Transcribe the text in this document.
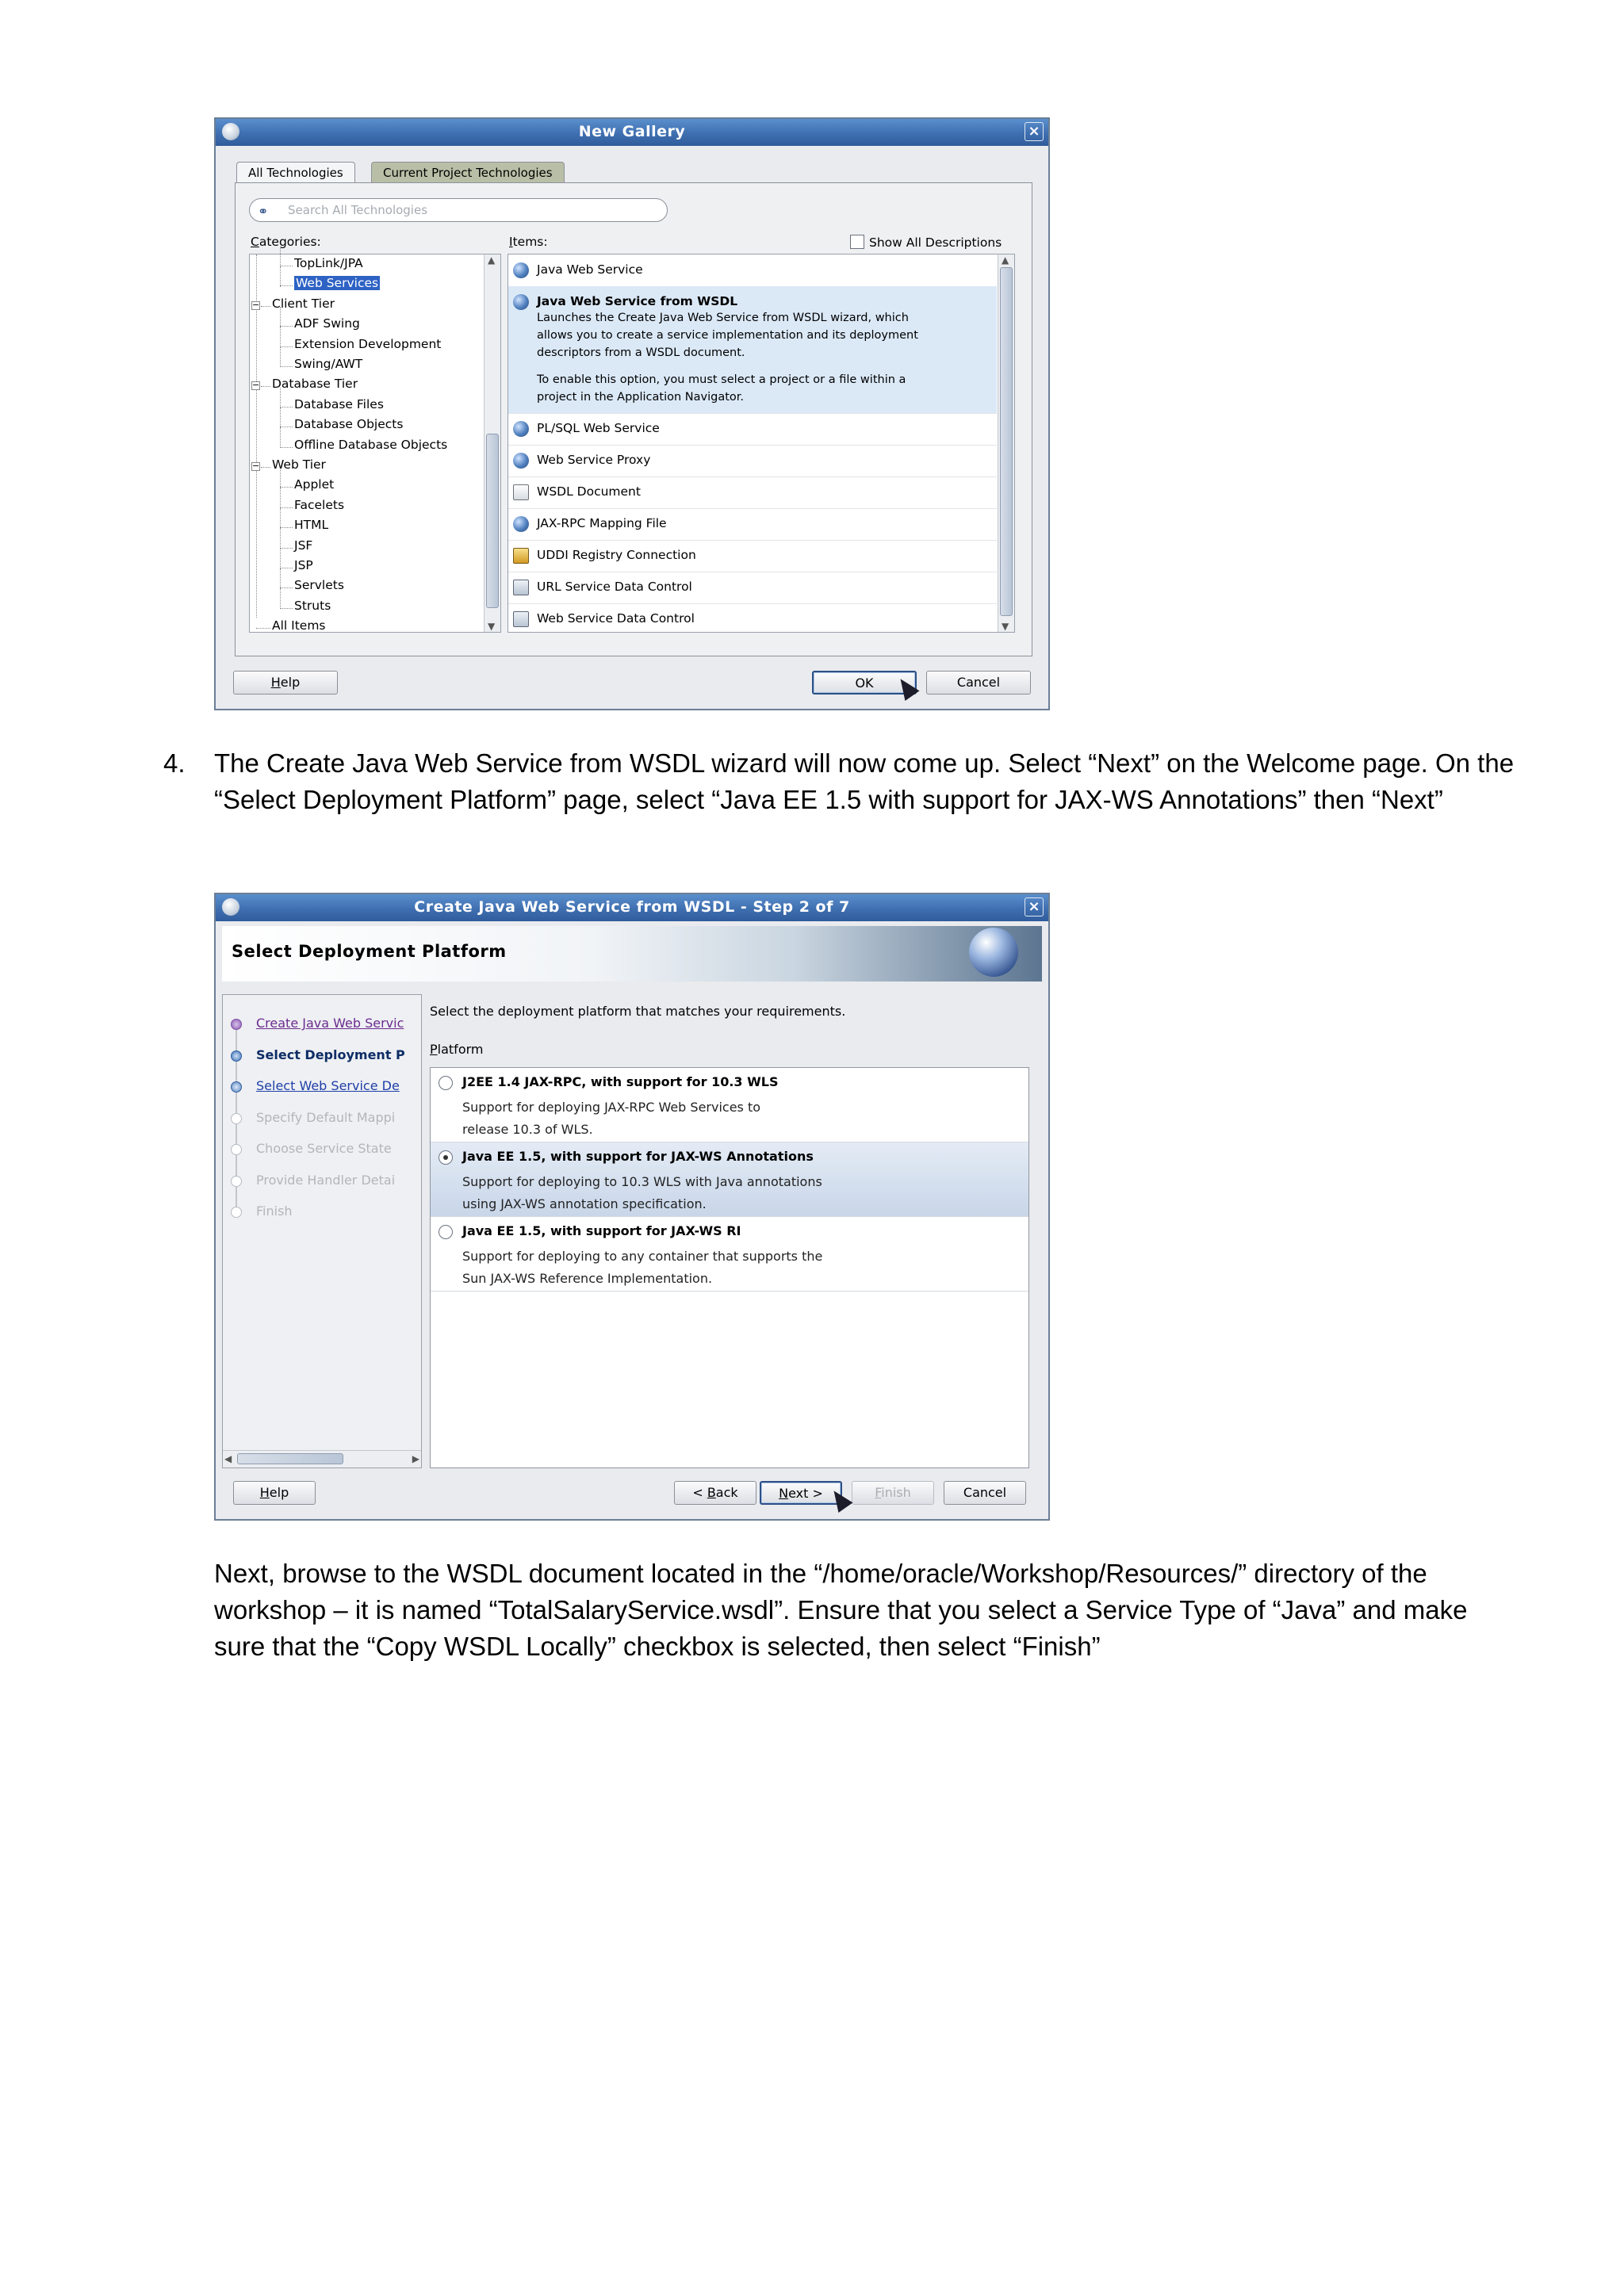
New Gallery	×
All Technologies	Current Project Technologies
⚭ Search All Technologies
Categories:
TopLink/JPA
Web Services
− Client Tier
ADF Swing
Extension Development
Swing/AWT
− Database Tier
Database Files
Database Objects
Offline Database Objects
− Web Tier
Applet
Facelets
HTML
JSF
JSP
Servlets
Struts
All Items
▲
▼
Items:	Show All Descriptions
Java Web Service
Java Web Service from WSDL
Launches the Create Java Web Service from WSDL wizard, which
allows you to create a service implementation and its deployment
descriptors from a WSDL document.
To enable this option, you must select a project or a file within a
project in the Application Navigator.
PL/SQL Web Service
Web Service Proxy
WSDL Document
JAX-RPC Mapping File
UDDI Registry Connection
URL Service Data Control
Web Service Data Control
▲
▼
Help	OK	Cancel
4. The Create Java Web Service from WSDL wizard will now come up. Select “Next” on the Welcome page. On the “Select Deployment Platform” page, select “Java EE 1.5 with support for JAX-WS Annotations” then “Next”
Create Java Web Service from WSDL - Step 2 of 7	×
Select Deployment Platform
Create Java Web Servic
Select Deployment P
Select Web Service De
Specify Default Mappi
Choose Service State
Provide Handler Detai
Finish
◀	▶
Select the deployment platform that matches your requirements.
Platform
J2EE 1.4 JAX-RPC, with support for 10.3 WLS
Support for deploying JAX-RPC Web Services to
release 10.3 of WLS.
Java EE 1.5, with support for JAX-WS Annotations
Support for deploying to 10.3 WLS with Java annotations
using JAX-WS annotation specification.
Java EE 1.5, with support for JAX-WS RI
Support for deploying to any container that supports the
Sun JAX-WS Reference Implementation.
Help	< Back	Next >	Finish	Cancel
Next, browse to the WSDL document located in the “/home/oracle/Workshop/Resources/” directory of the workshop – it is named “TotalSalaryService.wsdl”. Ensure that you select a Service Type of “Java” and make sure that the “Copy WSDL Locally” checkbox is selected, then select “Finish”
